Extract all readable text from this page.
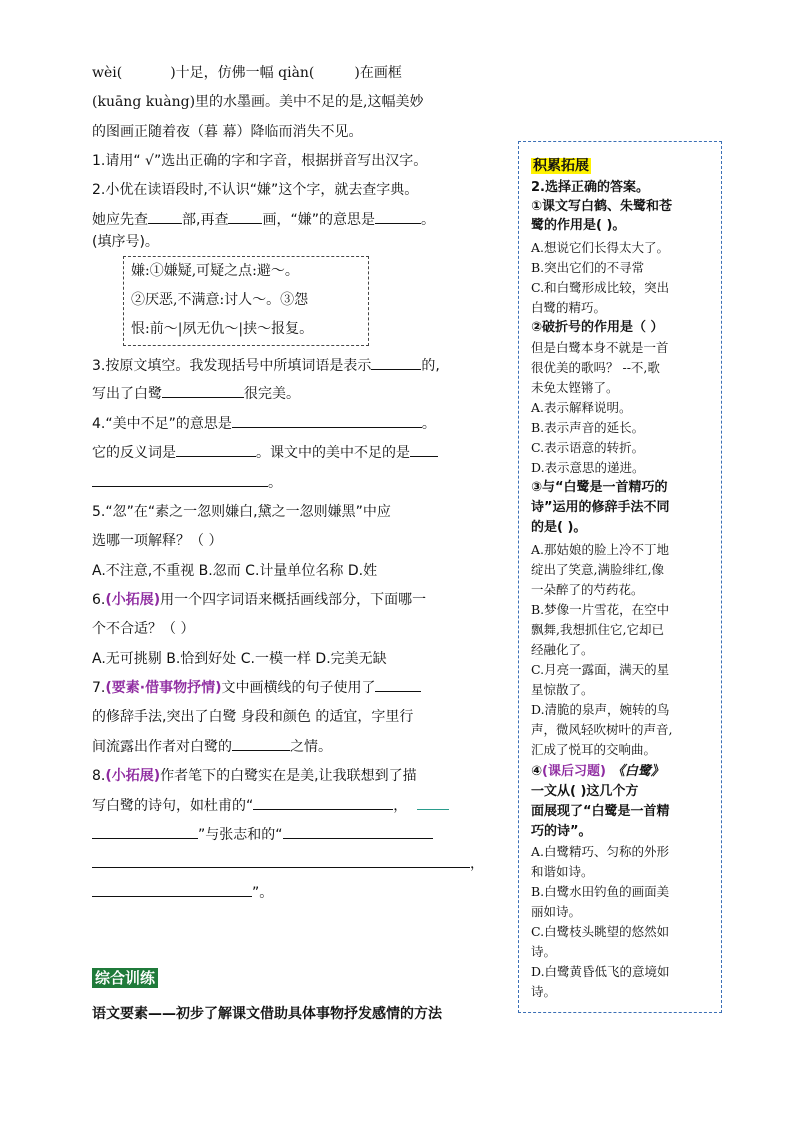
wèi(	)十足，仿佛一幅 qiàn(	)在画框
(kuāng kuàng)里的水墨画。美中不足的是,这幅美妙
的图画正随着夜（暮 幕）降临而消失不见。
1.请用“ √”选出正确的字和字音，根据拼音写出汉字。
2.小优在读语段时,不认识“嫌”这个字，就去查字典。
她应先查 部,再查 画，“嫌”的意思是	。
(填序号)。
嫌:①嫌疑,可疑之点:避～。
②厌恶,不满意:讨人～。③怨
恨:前～|夙无仇～|挟～报复。
3.按原文填空。我发现括号中所填词语是表示	的,
写出了白鹭	很完美。
4.“美中不足”的意思是	。
它的反义词是	。课文中的美中不足的是
。
5.“忽”在“素之一忽则嫌白,黛之一忽则嫌黑”中应
选哪一项解释？（ ）
A.不注意,不重视 B.忽而 C.计量单位名称 D.姓
6.(小拓展)用一个四字词语来概括画线部分，下面哪一
个不合适？（ ）
A.无可挑剔 B.恰到好处 C.一模一样 D.完美无缺
7.(要素·借事物抒情)文中画横线的句子使用了
的修辞手法,突出了白鹭 身段和颜色 的适宜，字里行
间流露出作者对白鹭的	之情。
8.(小拓展)作者笔下的白鹭实在是美,让我联想到了描
写白鹭的诗句，如杜甫的“	，
”与张志和的“
，
综合训练
语文要素——初步了解课文借助具体事物抒发感情的方法
积累拓展
2.选择正确的答案。
①课文写白鹤、朱鹭和苍
鹭的作用是( )。
A.想说它们长得太大了。
B.突出它们的不寻常
C.和白鹭形成比较，突出
白鹭的精巧。
②破折号的作用是（ ）
但是白鹭本身不就是一首
很优美的歌吗？ --不,歌
未免太铿锵了。
A.表示解释说明。
B.表示声音的延长。
C.表示语意的转折。
D.表示意思的递进。
③与“白鹭是一首精巧的
诗”运用的修辞手法不同
的是( )。
A.那姑娘的脸上冷不丁地
绽出了笑意,满脸绯红,像
一朵醉了的芍药花。
B.梦像一片雪花，在空中
飘舞,我想抓住它,它却已
经融化了。
C.月亮一露面，满天的星
星惊散了。
D.清脆的泉声，婉转的鸟
声，微风轻吹树叶的声音,
汇成了悦耳的交响曲。
④(课后习题) 《白鹭》
一文从( )这几个方
面展现了“白鹭是一首精
巧的诗”。
A.白鹭精巧、匀称的外形
和谐如诗。
B.白鹭水田钓鱼的画面美
丽如诗。
C.白鹭枝头眺望的悠然如
诗。
D.白鹭黄昏低飞的意境如
诗。
”。
